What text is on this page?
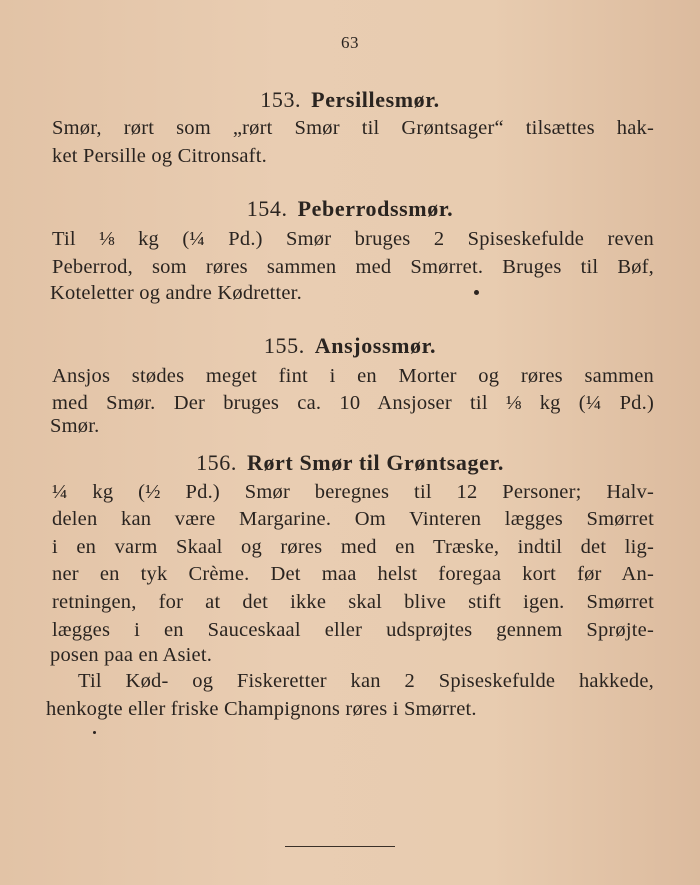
63
153. Persillesmør.
Smør, rørt som „rørt Smør til Grøntsager“ tilsættes hak-
ket Persille og Citronsaft.
154. Peberrodssmør.
Til ⅛ kg (¼ Pd.) Smør bruges 2 Spiseskefulde reven
Peberrod, som røres sammen med Smørret. Bruges til Bøf,
Koteletter og andre Kødretter.
155. Ansjossmør.
Ansjos stødes meget fint i en Morter og røres sammen
med Smør. Der bruges ca. 10 Ansjoser til ⅛ kg (¼ Pd.)
Smør.
156. Rørt Smør til Grøntsager.
¼ kg (½ Pd.) Smør beregnes til 12 Personer; Halv-
delen kan være Margarine. Om Vinteren lægges Smørret
i en varm Skaal og røres med en Træske, indtil det lig-
ner en tyk Crème. Det maa helst foregaa kort før An-
retningen, for at det ikke skal blive stift igen. Smørret
lægges i en Sauceskaal eller udsprøjtes gennem Sprøjte-
posen paa en Asiet.
Til Kød- og Fiskeretter kan 2 Spiseskefulde hakkede,
henkogte eller friske Champignons røres i Smørret.
